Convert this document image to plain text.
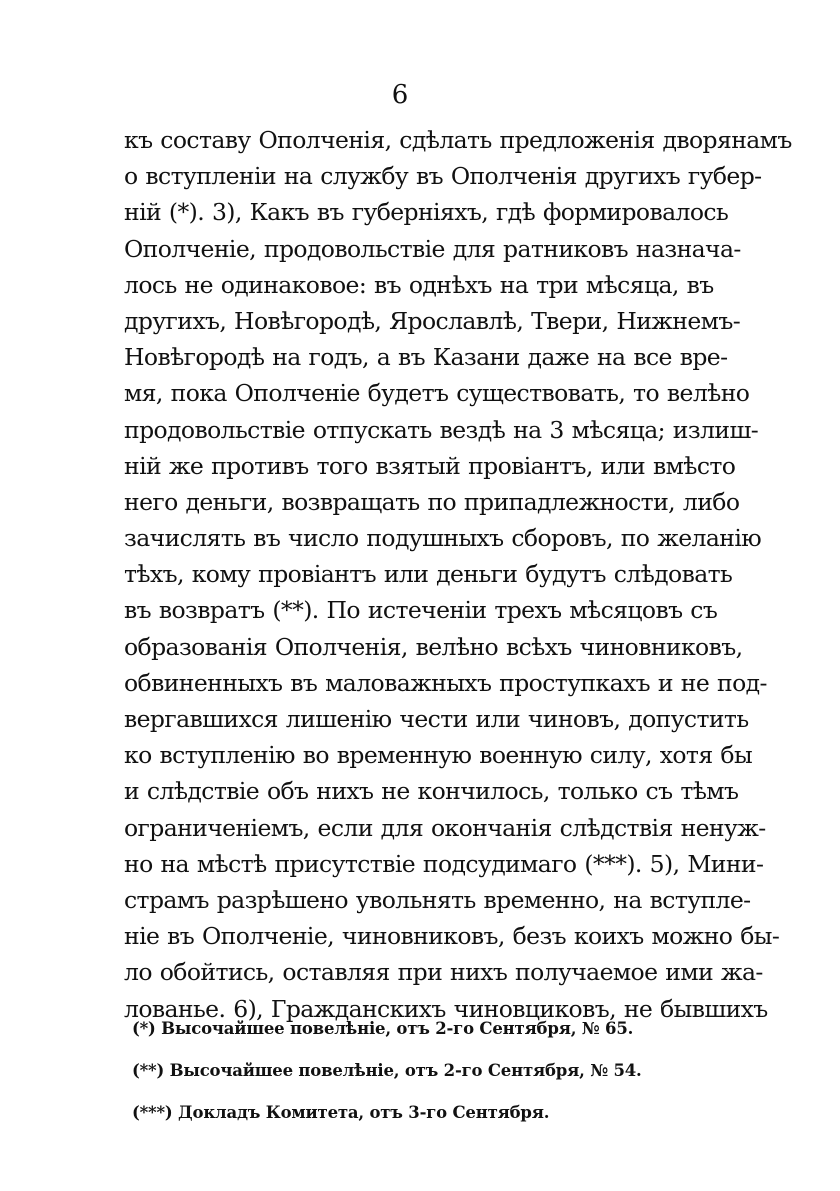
6
къ составу Ополченія, сдѣлать предложенія дворянамъ
о вступленіи на службу въ Ополченія другихъ губер-
ній (*). 3), Какъ въ губерніяхъ, гдѣ формировалось
Ополченіе, продовольствіе для ратниковъ назнача-
лось не одинаковое: въ однѣхъ на три мѣсяца, въ
другихъ, Новѣгородѣ, Ярославлѣ, Твери, Нижнемъ-
Новѣгородѣ на годъ, а въ Казани даже на все вре-
мя, пока Ополченіе будетъ существовать, то велѣно
продовольствіе отпускать вездѣ на 3 мѣсяца; излиш-
ній же противъ того взятый провіантъ, или вмѣсто
него деньги, возвращать по припадлежности, либо
зачислять въ число подушныхъ сборовъ, по желанію
тѣхъ, кому провіантъ или деньги будутъ слѣдовать
въ возвратъ (**). По истеченіи трехъ мѣсяцовъ съ
образованія Ополченія, велѣно всѣхъ чиновниковъ,
обвиненныхъ въ маловажныхъ проступкахъ и не под-
вергавшихся лишенію чести или чиновъ, допустить
ко вступленію во временную военную силу, хотя бы
и слѣдствіе объ нихъ не кончилось, только съ тѣмъ
ограниченіемъ, если для окончанія слѣдствія ненуж-
но на мѣстѣ присутствіе подсудимаго (***). 5), Мини-
страмъ разрѣшено увольнять временно, на вступле-
ніе въ Ополченіе, чиновниковъ, безъ коихъ можно бы-
ло обойтись, оставляя при нихъ получаемое ими жа-
лованье. 6), Гражданскихъ чиновциковъ, не бывшихъ
(*) Высочайшее повелѣніе, отъ 2-го Сентября, № 65.
(**) Высочайшее повелѣніе, отъ 2-го Сентября, № 54.
(***) Докладъ Комитета, отъ 3-го Сентября.
